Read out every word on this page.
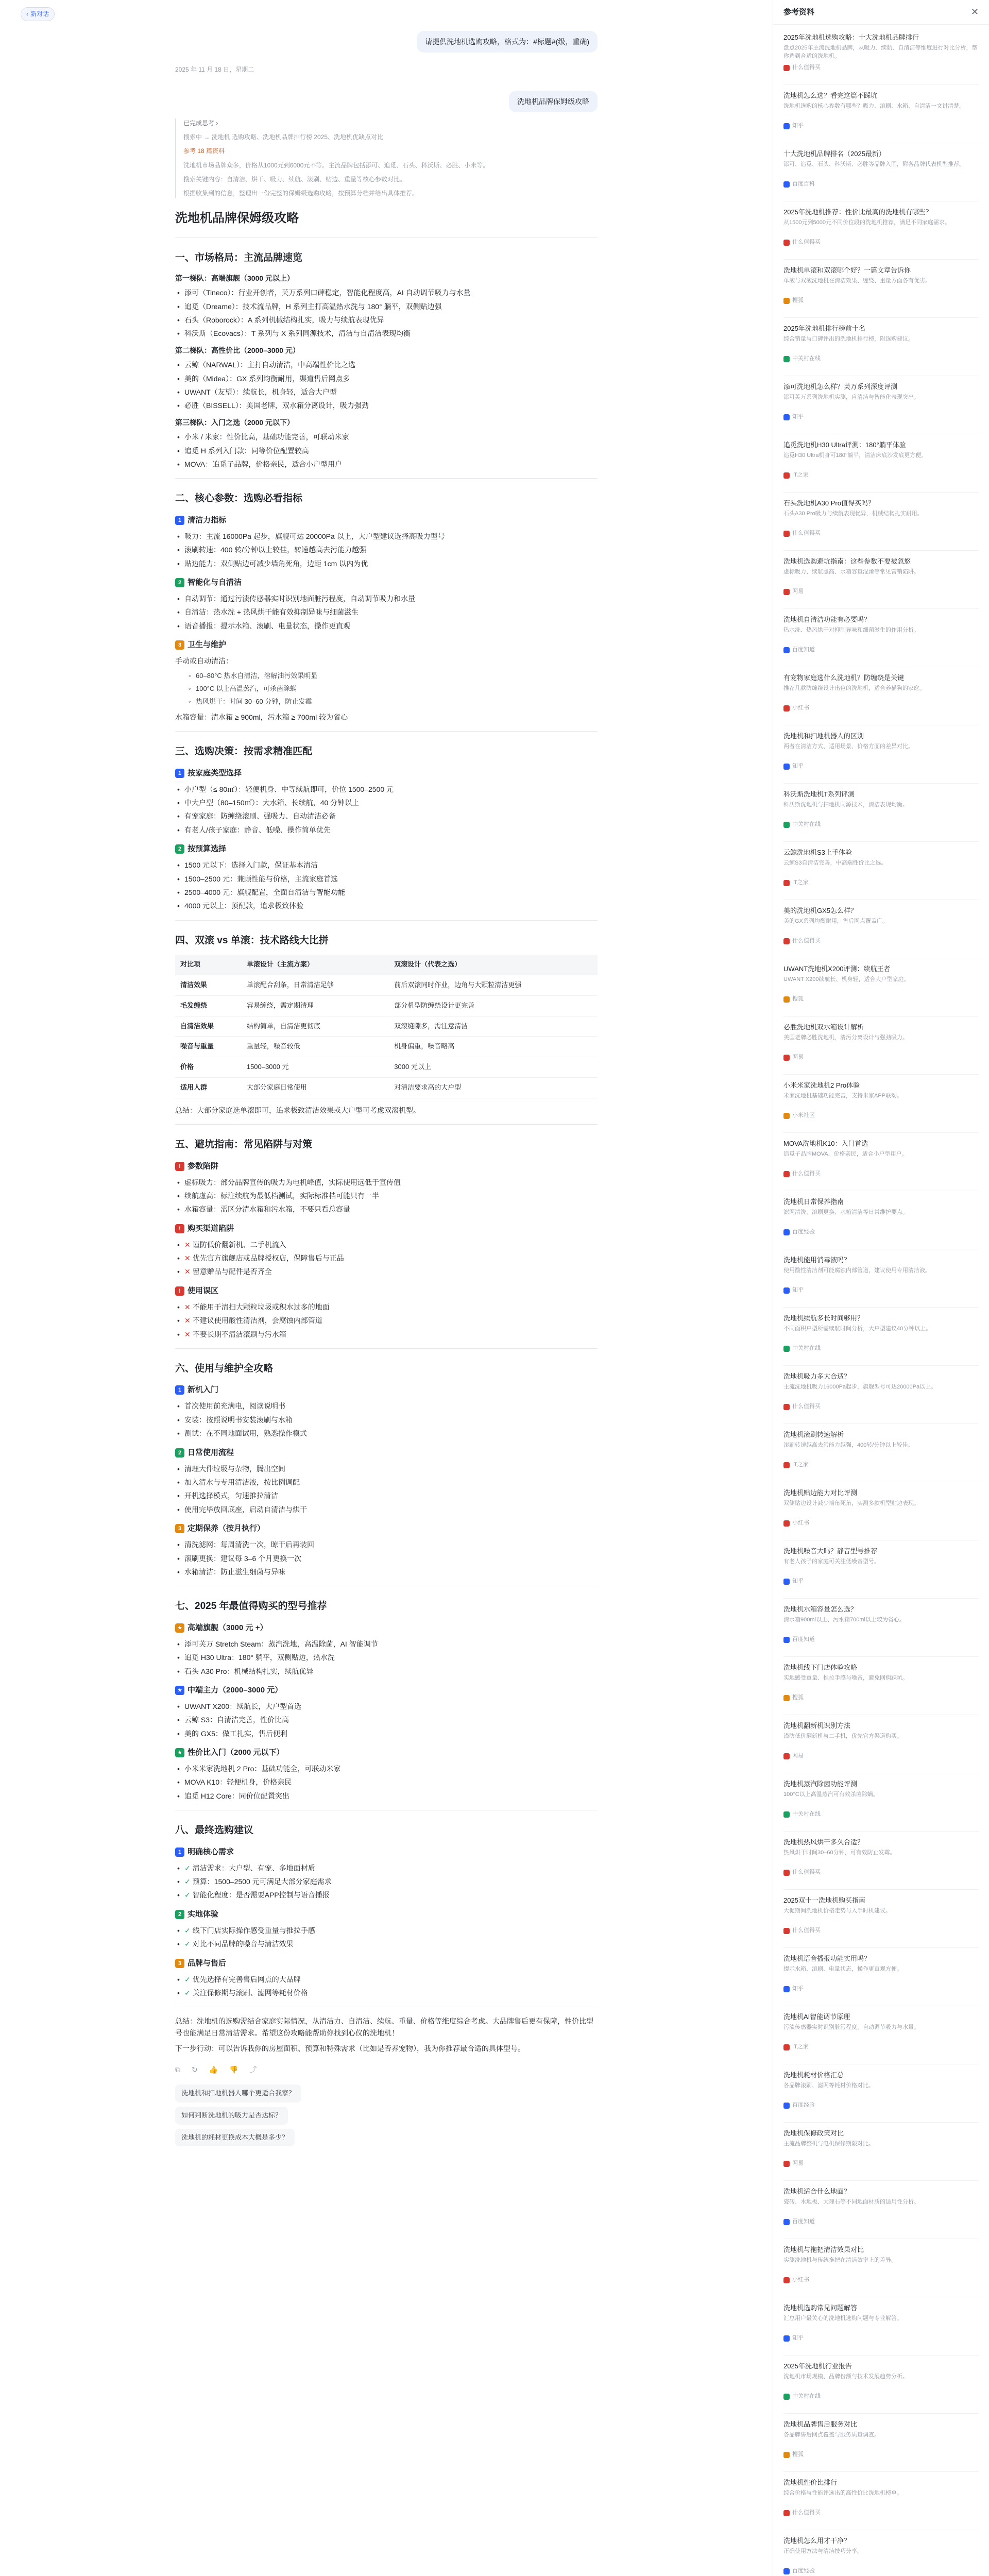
‹ 新对话
请提供洗地机选购攻略，格式为：#标题#(级，重确)
2025 年 11 月 18 日，星期二
洗地机品牌保姆级攻略
已完成思考 ›

搜索中 → 洗地机 选购攻略、洗地机品牌排行榜 2025、洗地机优缺点对比

参考 18 篇资料

洗地机市场品牌众多，价格从1000元到6000元不等。主流品牌包括添可、追觅、石头、科沃斯、必胜、小米等。

搜索关键内容：自清洁、烘干、吸力、续航、滚刷、贴边、重量等核心参数对比。

根据收集到的信息，整理出一份完整的保姆级选购攻略，按预算分档并给出具体推荐。

洗地机品牌保姆级攻略
一、市场格局：主流品牌速览
第一梯队：高端旗舰（3000 元以上）
• 添可（Tineco）：行业开创者，芙万系列口碑稳定，智能化程度高，AI 自动调节吸力与水量
• 追觅（Dreame）：技术流品牌，H 系列主打高温热水洗与 180° 躺平，双侧贴边强
• 石头（Roborock）：A 系列机械结构扎实，吸力与续航表现优异
• 科沃斯（Ecovacs）：T 系列与 X 系列同源技术，清洁与自清洁表现均衡
第二梯队：高性价比（2000–3000 元）
• 云鲸（NARWAL）：主打自动清洁，中高端性价比之选
• 美的（Midea）：GX 系列均衡耐用，渠道售后网点多
• UWANT（友望）：续航长，机身轻，适合大户型
• 必胜（BISSELL）：美国老牌，双水箱分离设计，吸力强劲
第三梯队：入门之选（2000 元以下）
• 小米 / 米家：性价比高，基础功能完善，可联动米家
• 追觅 H 系列入门款：同等价位配置较高
• MOVA：追觅子品牌，价格亲民，适合小户型用户
二、核心参数：选购必看指标
1 清洁力指标
• 吸力：主流 16000Pa 起步，旗舰可达 20000Pa 以上，大户型建议选择高吸力型号
• 滚刷转速：400 转/分钟以上较佳，转速越高去污能力越强
• 贴边能力：双侧贴边可减少墙角死角，边距 1cm 以内为优
2 智能化与自清洁
• 自动调节：通过污渍传感器实时识别地面脏污程度，自动调节吸力和水量
• 自清洁：热水洗 + 热风烘干能有效抑制异味与细菌滋生
• 语音播报：提示水箱、滚刷、电量状态，操作更直观
3 卫生与维护

手动或自动清洁：

◦ 60–80°C 热水自清洁，溶解油污效果明显
◦ 100°C 以上高温蒸汽，可杀菌除螨
◦ 热风烘干：时间 30–60 分钟，防止发霉

水箱容量：清水箱 ≥ 900ml，污水箱 ≥ 700ml 较为省心

三、选购决策：按需求精准匹配
1 按家庭类型选择
• 小户型（≤ 80㎡）：轻便机身、中等续航即可，价位 1500–2500 元
• 中大户型（80–150㎡）：大水箱、长续航，40 分钟以上
• 有宠家庭：防缠绕滚刷、强吸力、自动清洁必备
• 有老人/孩子家庭：静音、低噪、操作简单优先
2 按预算选择
• 1500 元以下：选择入门款，保证基本清洁
• 1500–2500 元：兼顾性能与价格，主流家庭首选
• 2500–4000 元：旗舰配置，全面自清洁与智能功能
• 4000 元以上：顶配款，追求极致体验
四、双滚 vs 单滚：技术路线大比拼
对比项	单滚设计（主流方案）	双滚设计（代表之选）
清洁效果	单滚配合刮条，日常清洁足够	前后双滚同时作业，边角与大颗粒清洁更强
毛发缠绕	容易缠绕，需定期清理	部分机型防缠绕设计更完善
自清洁效果	结构简单，自清洁更彻底	双滚缝隙多，需注意清洁
噪音与重量	重量轻，噪音较低	机身偏重，噪音略高
价格	1500–3000 元	3000 元以上
适用人群	大部分家庭日常使用	对清洁要求高的大户型

总结：大部分家庭选单滚即可，追求极致清洁效果或大户型可考虑双滚机型。

五、避坑指南：常见陷阱与对策
! 参数陷阱
• 虚标吸力：部分品牌宣传的吸力为电机峰值，实际使用远低于宣传值
• 续航虚高：标注续航为最低档测试，实际标准档可能只有一半
• 水箱容量：需区分清水箱和污水箱，不要只看总容量
! 购买渠道陷阱
• ✕ 谨防低价翻新机、二手机流入
• ✕ 优先官方旗舰店或品牌授权店，保障售后与正品
• ✕ 留意赠品与配件是否齐全
! 使用误区
• ✕ 不能用于清扫大颗粒垃圾或积水过多的地面
• ✕ 不建议使用酸性清洁剂，会腐蚀内部管道
• ✕ 不要长期不清洁滚刷与污水箱
六、使用与维护全攻略
1 新机入门
• 首次使用前充满电，阅读说明书
• 安装：按照说明书安装滚刷与水箱
• 测试：在不同地面试用，熟悉操作模式
2 日常使用流程
• 清理大件垃圾与杂物，腾出空间
• 加入清水与专用清洁液，按比例调配
• 开机选择模式，匀速推拉清洁
• 使用完毕放回底座，启动自清洁与烘干
3 定期保养（按月执行）
• 清洗滤网：每周清洗一次，晾干后再装回
• 滚刷更换：建议每 3–6 个月更换一次
• 水箱清洁：防止滋生细菌与异味
七、2025 年最值得购买的型号推荐
★ 高端旗舰（3000 元 +）
• 添可芙万 Stretch Steam：蒸汽洗地，高温除菌，AI 智能调节
• 追觅 H30 Ultra：180° 躺平，双侧贴边，热水洗
• 石头 A30 Pro：机械结构扎实，续航优异
★ 中端主力（2000–3000 元）
• UWANT X200：续航长，大户型首选
• 云鲸 S3：自清洁完善，性价比高
• 美的 GX5：做工扎实，售后便利
★ 性价比入门（2000 元以下）
• 小米米家洗地机 2 Pro：基础功能全，可联动米家
• MOVA K10：轻便机身，价格亲民
• 追觅 H12 Core：同价位配置突出
八、最终选购建议
1 明确核心需求
• ✓ 清洁需求：大户型、有宠、多地面材质
• ✓ 预算：1500–2500 元可满足大部分家庭需求
• ✓ 智能化程度：是否需要APP控制与语音播报
2 实地体验
• ✓ 线下门店实际操作感受重量与推拉手感
• ✓ 对比不同品牌的噪音与清洁效果
3 品牌与售后
• ✓ 优先选择有完善售后网点的大品牌
• ✓ 关注保修期与滚刷、滤网等耗材价格

总结：洗地机的选购需结合家庭实际情况，从清洁力、自清洁、续航、重量、价格等维度综合考虑。大品牌售后更有保障，性价比型号也能满足日常清洁需求。希望这份攻略能帮助你找到心仪的洗地机！

下一步行动：可以告诉我你的房屋面积、预算和特殊需求（比如是否养宠物），我为你推荐最合适的具体型号。

⧉ ↻ 👍 👎 ⤴
洗地机和扫地机器人哪个更适合我家？
如何判断洗地机的吸力是否达标？
洗地机的耗材更换成本大概是多少？
参考资料	✕
2025年洗地机选购攻略：十大洗地机品牌排行
盘点2025年主流洗地机品牌，从吸力、续航、自清洁等维度进行对比分析，帮你选到合适的洗地机。
什么值得买
洗地机怎么选？看完这篇不踩坑
洗地机选购的核心参数有哪些？吸力、滚刷、水箱、自清洁一文讲清楚。
知乎
十大洗地机品牌排名（2025最新）
添可、追觅、石头、科沃斯、必胜等品牌入围，附各品牌代表机型推荐。
百度百科
2025年洗地机推荐：性价比最高的洗地机有哪些？
从1500元到5000元不同价位段的洗地机推荐，满足不同家庭需求。
什么值得买
洗地机单滚和双滚哪个好？一篇文章告诉你
单滚与双滚洗地机在清洁效果、缠绕、重量方面各有优劣。
搜狐
2025年洗地机排行榜前十名
综合销量与口碑评出的洗地机排行榜，附选购建议。
中关村在线
添可洗地机怎么样？芙万系列深度评测
添可芙万系列洗地机实测，自清洁与智能化表现突出。
知乎
追觅洗地机H30 Ultra评测：180°躺平体验
追觅H30 Ultra机身可180°躺平，清洁床底沙发底更方便。
IT之家
石头洗地机A30 Pro值得买吗？
石头A30 Pro吸力与续航表现优异，机械结构扎实耐用。
什么值得买
洗地机选购避坑指南：这些参数不要被忽悠
虚标吸力、续航虚高、水箱容量混淆等常见营销陷阱。
网易
洗地机自清洁功能有必要吗？
热水洗、热风烘干对抑制异味和细菌滋生的作用分析。
百度知道
有宠物家庭选什么洗地机？防缠绕是关键
推荐几款防缠绕设计出色的洗地机，适合养猫狗的家庭。
小红书
洗地机和扫地机器人的区别
两者在清洁方式、适用场景、价格方面的差异对比。
知乎
科沃斯洗地机T系列评测
科沃斯洗地机与扫地机同源技术，清洁表现均衡。
中关村在线
云鲸洗地机S3上手体验
云鲸S3自清洁完善，中高端性价比之选。
IT之家
美的洗地机GX5怎么样？
美的GX系列均衡耐用，售后网点覆盖广。
什么值得买
UWANT洗地机X200评测：续航王者
UWANT X200续航长、机身轻，适合大户型家庭。
搜狐
必胜洗地机双水箱设计解析
美国老牌必胜洗地机，清污分离设计与强劲吸力。
网易
小米米家洗地机2 Pro体验
米家洗地机基础功能完善，支持米家APP联动。
小米社区
MOVA洗地机K10：入门首选
追觅子品牌MOVA，价格亲民，适合小户型用户。
什么值得买
洗地机日常保养指南
滤网清洗、滚刷更换、水箱清洁等日常维护要点。
百度经验
洗地机能用消毒液吗？
使用酸性清洁剂可能腐蚀内部管道，建议使用专用清洁液。
知乎
洗地机续航多长时间够用？
不同面积户型所需续航时间分析，大户型建议40分钟以上。
中关村在线
洗地机吸力多大合适？
主流洗地机吸力16000Pa起步，旗舰型号可达20000Pa以上。
什么值得买
洗地机滚刷转速解析
滚刷转速越高去污能力越强，400转/分钟以上较佳。
IT之家
洗地机贴边能力对比评测
双侧贴边设计减少墙角死角，实测多款机型贴边表现。
小红书
洗地机噪音大吗？静音型号推荐
有老人孩子的家庭可关注低噪音型号。
知乎
洗地机水箱容量怎么选？
清水箱900ml以上、污水箱700ml以上较为省心。
百度知道
洗地机线下门店体验攻略
实地感受重量、推拉手感与噪音，避免网购踩坑。
搜狐
洗地机翻新机识别方法
谨防低价翻新机与二手机，优先官方渠道购买。
网易
洗地机蒸汽除菌功能评测
100°C以上高温蒸汽可有效杀菌除螨。
中关村在线
洗地机热风烘干多久合适？
热风烘干时间30–60分钟，可有效防止发霉。
什么值得买
2025双十一洗地机购买指南
大促期间洗地机价格走势与入手时机建议。
什么值得买
洗地机语音播报功能实用吗？
提示水箱、滚刷、电量状态，操作更直观方便。
知乎
洗地机AI智能调节原理
污渍传感器实时识别脏污程度，自动调节吸力与水量。
IT之家
洗地机耗材价格汇总
各品牌滚刷、滤网等耗材价格对比。
百度经验
洗地机保修政策对比
主流品牌整机与电机保修期限对比。
网易
洗地机适合什么地面？
瓷砖、木地板、大理石等不同地面材质的适用性分析。
百度知道
洗地机与拖把清洁效果对比
实测洗地机与传统拖把在清洁效率上的差异。
小红书
洗地机选购常见问题解答
汇总用户最关心的洗地机选购问题与专业解答。
知乎
2025年洗地机行业报告
洗地机市场规模、品牌份额与技术发展趋势分析。
中关村在线
洗地机品牌售后服务对比
各品牌售后网点覆盖与服务质量调查。
搜狐
洗地机性价比排行
综合价格与性能评选出的高性价比洗地机榜单。
什么值得买
洗地机怎么用才干净？
正确使用方法与清洁技巧分享。
百度经验
